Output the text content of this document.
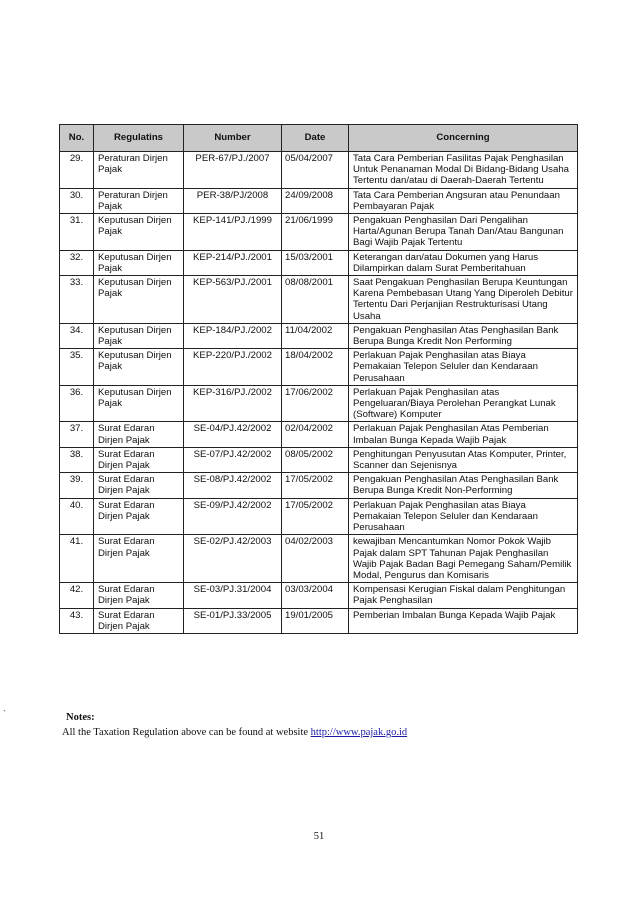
No.	Regulatins	Number	Date	Concerning
29.	Peraturan Dirjen Pajak	PER-67/PJ./2007	05/04/2007	Tata Cara Pemberian Fasilitas Pajak Penghasilan Untuk Penanaman Modal Di Bidang-Bidang Usaha Tertentu dan/atau di Daerah-Daerah Tertentu
30.	Peraturan Dirjen Pajak	PER-38/PJ/2008	24/09/2008	Tata Cara Pemberian Angsuran atau Penundaan Pembayaran Pajak
31.	Keputusan Dirjen Pajak	KEP-141/PJ./1999	21/06/1999	Pengakuan Penghasilan Dari Pengalihan Harta/Agunan Berupa Tanah Dan/Atau Bangunan Bagi Wajib Pajak Tertentu
32.	Keputusan Dirjen Pajak	KEP-214/PJ./2001	15/03/2001	Keterangan dan/atau Dokumen yang Harus Dilampirkan dalam Surat Pemberitahuan
33.	Keputusan Dirjen Pajak	KEP-563/PJ./2001	08/08/2001	Saat Pengakuan Penghasilan Berupa Keuntungan Karena Pembebasan Utang Yang Diperoleh Debitur Tertentu Dari Perjanjian Restrukturisasi Utang Usaha
34.	Keputusan Dirjen Pajak	KEP-184/PJ./2002	11/04/2002	Pengakuan Penghasilan Atas Penghasilan Bank Berupa Bunga Kredit Non Performing
35.	Keputusan Dirjen Pajak	KEP-220/PJ./2002	18/04/2002	Perlakuan Pajak Penghasilan atas Biaya Pemakaian Telepon Seluler dan Kendaraan Perusahaan
36.	Keputusan Dirjen Pajak	KEP-316/PJ./2002	17/06/2002	Perlakuan Pajak Penghasilan atas Pengeluaran/Biaya Perolehan Perangkat Lunak (Software) Komputer
37.	Surat Edaran Dirjen Pajak	SE-04/PJ.42/2002	02/04/2002	Perlakuan Pajak Penghasilan Atas Pemberian Imbalan Bunga Kepada Wajib Pajak
38.	Surat Edaran Dirjen Pajak	SE-07/PJ.42/2002	08/05/2002	Penghitungan Penyusutan Atas Komputer, Printer, Scanner dan Sejenisnya
39.	Surat Edaran Dirjen Pajak	SE-08/PJ.42/2002	17/05/2002	Pengakuan Penghasilan Atas Penghasilan Bank Berupa Bunga Kredit Non-Performing
40.	Surat Edaran Dirjen Pajak	SE-09/PJ.42/2002	17/05/2002	Perlakuan Pajak Penghasilan atas Biaya Pemakaian Telepon Seluler dan Kendaraan Perusahaan
41.	Surat Edaran Dirjen Pajak	SE-02/PJ.42/2003	04/02/2003	kewajiban Mencantumkan Nomor Pokok Wajib Pajak dalam SPT Tahunan Pajak Penghasilan Wajib Pajak Badan Bagi Pemegang Saham/Pemilik Modal, Pengurus dan Komisaris
42.	Surat Edaran Dirjen Pajak	SE-03/PJ.31/2004	03/03/2004	Kompensasi Kerugian Fiskal dalam Penghitungan Pajak Penghasilan
43.	Surat Edaran Dirjen Pajak	SE-01/PJ.33/2005	19/01/2005	Pemberian Imbalan Bunga Kepada Wajib Pajak
`	Notes:
All the Taxation Regulation above can be found at website http://www.pajak.go.id
51
